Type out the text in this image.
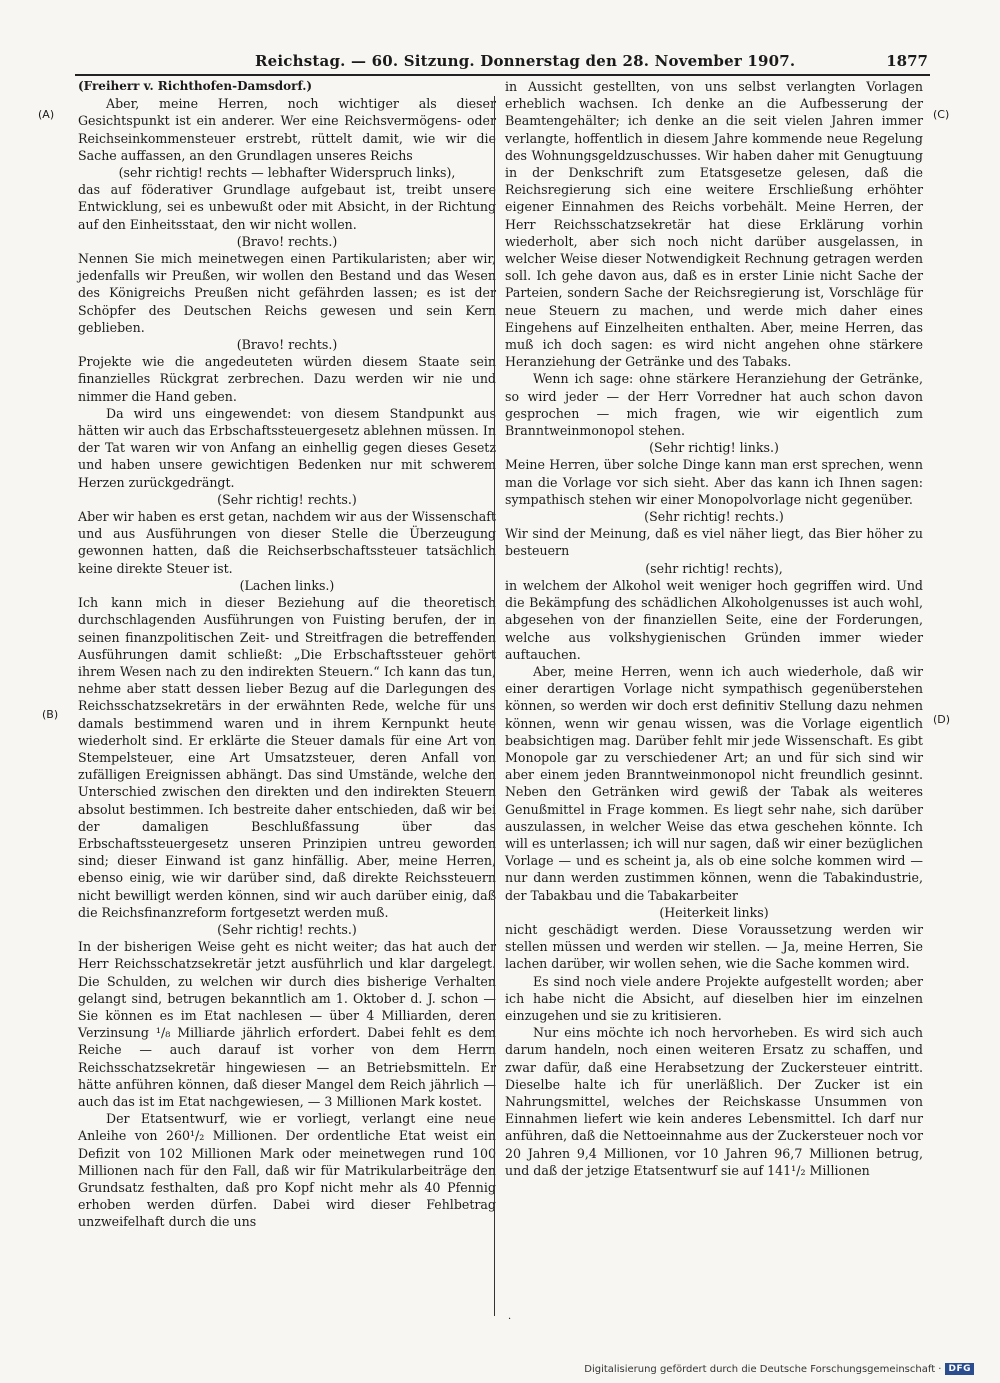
Reichstag. — 60. Sitzung. Donnerstag den 28. November 1907.	1877
(A)
(B)
(C)
(D)
(Freiherr v. Richthofen-Damsdorf.)

Aber, meine Herren, noch wichtiger als dieser Gesichtspunkt ist ein anderer. Wer eine Reichsvermögens- oder Reichseinkommensteuer erstrebt, rüttelt damit, wie wir die Sache auffassen, an den Grundlagen unseres Reichs

(sehr richtig! rechts — lebhafter Widerspruch links),

das auf föderativer Grundlage aufgebaut ist, treibt unsere Entwicklung, sei es unbewußt oder mit Absicht, in der Richtung auf den Einheitsstaat, den wir nicht wollen.

(Bravo! rechts.)

Nennen Sie mich meinetwegen einen Partikularisten; aber wir, jedenfalls wir Preußen, wir wollen den Bestand und das Wesen des Königreichs Preußen nicht gefährden lassen; es ist der Schöpfer des Deutschen Reichs gewesen und sein Kern geblieben.

(Bravo! rechts.)

Projekte wie die angedeuteten würden diesem Staate sein finanzielles Rückgrat zerbrechen. Dazu werden wir nie und nimmer die Hand geben.

Da wird uns eingewendet: von diesem Standpunkt aus hätten wir auch das Erbschaftssteuergesetz ablehnen müssen. In der Tat waren wir von Anfang an einhellig gegen dieses Gesetz und haben unsere gewichtigen Bedenken nur mit schwerem Herzen zurückgedrängt.

(Sehr richtig! rechts.)

Aber wir haben es erst getan, nachdem wir aus der Wissenschaft und aus Ausführungen von dieser Stelle die Überzeugung gewonnen hatten, daß die Reichserbschaftssteuer tatsächlich keine direkte Steuer ist.

(Lachen links.)

Ich kann mich in dieser Beziehung auf die theoretisch durchschlagenden Ausführungen von Fuisting berufen, der in seinen finanzpolitischen Zeit- und Streitfragen die betreffenden Ausführungen damit schließt: „Die Erbschaftssteuer gehört ihrem Wesen nach zu den indirekten Steuern.“ Ich kann das tun, nehme aber statt dessen lieber Bezug auf die Darlegungen des Reichsschatzsekretärs in der erwähnten Rede, welche für uns damals bestimmend waren und in ihrem Kernpunkt heute wiederholt sind. Er erklärte die Steuer damals für eine Art von Stempelsteuer, eine Art Umsatzsteuer, deren Anfall von zufälligen Ereignissen abhängt. Das sind Umstände, welche den Unterschied zwischen den direkten und den indirekten Steuern absolut bestimmen. Ich bestreite daher entschieden, daß wir bei der damaligen Beschlußfassung über das Erbschaftssteuergesetz unseren Prinzipien untreu geworden sind; dieser Einwand ist ganz hinfällig. Aber, meine Herren, ebenso einig, wie wir darüber sind, daß direkte Reichssteuern nicht bewilligt werden können, sind wir auch darüber einig, daß die Reichsfinanzreform fortgesetzt werden muß.

(Sehr richtig! rechts.)

In der bisherigen Weise geht es nicht weiter; das hat auch der Herr Reichsschatzsekretär jetzt ausführlich und klar dargelegt. Die Schulden, zu welchen wir durch dies bisherige Verhalten gelangt sind, betrugen bekanntlich am 1. Oktober d. J. schon — Sie können es im Etat nachlesen — über 4 Milliarden, deren Verzinsung ¹/₈ Milliarde jährlich erfordert. Dabei fehlt es dem Reiche — auch darauf ist vorher von dem Herrn Reichsschatzsekretär hingewiesen — an Betriebsmitteln. Er hätte anführen können, daß dieser Mangel dem Reich jährlich — auch das ist im Etat nachgewiesen, — 3 Millionen Mark kostet.

Der Etatsentwurf, wie er vorliegt, verlangt eine neue Anleihe von 260¹/₂ Millionen. Der ordentliche Etat weist ein Defizit von 102 Millionen Mark oder meinetwegen rund 100 Millionen nach für den Fall, daß wir für Matrikularbeiträge den Grundsatz festhalten, daß pro Kopf nicht mehr als 40 Pfennig erhoben werden dürfen. Dabei wird dieser Fehlbetrag unzweifelhaft durch die uns

in Aussicht gestellten, von uns selbst verlangten Vorlagen erheblich wachsen. Ich denke an die Aufbesserung der Beamtengehälter; ich denke an die seit vielen Jahren immer verlangte, hoffentlich in diesem Jahre kommende neue Regelung des Wohnungsgeldzuschusses. Wir haben daher mit Genugtuung in der Denkschrift zum Etatsgesetze gelesen, daß die Reichsregierung sich eine weitere Erschließung erhöhter eigener Einnahmen des Reichs vorbehält. Meine Herren, der Herr Reichsschatzsekretär hat diese Erklärung vorhin wiederholt, aber sich noch nicht darüber ausgelassen, in welcher Weise dieser Notwendigkeit Rechnung getragen werden soll. Ich gehe davon aus, daß es in erster Linie nicht Sache der Parteien, sondern Sache der Reichsregierung ist, Vorschläge für neue Steuern zu machen, und werde mich daher eines Eingehens auf Einzelheiten enthalten. Aber, meine Herren, das muß ich doch sagen: es wird nicht angehen ohne stärkere Heranziehung der Getränke und des Tabaks.

Wenn ich sage: ohne stärkere Heranziehung der Getränke, so wird jeder — der Herr Vorredner hat auch schon davon gesprochen — mich fragen, wie wir eigentlich zum Branntweinmonopol stehen.

(Sehr richtig! links.)

Meine Herren, über solche Dinge kann man erst sprechen, wenn man die Vorlage vor sich sieht. Aber das kann ich Ihnen sagen: sympathisch stehen wir einer Monopolvorlage nicht gegenüber.

(Sehr richtig! rechts.)

Wir sind der Meinung, daß es viel näher liegt, das Bier höher zu besteuern

(sehr richtig! rechts),

in welchem der Alkohol weit weniger hoch gegriffen wird. Und die Bekämpfung des schädlichen Alkoholgenusses ist auch wohl, abgesehen von der finanziellen Seite, eine der Forderungen, welche aus volkshygienischen Gründen immer wieder auftauchen.

Aber, meine Herren, wenn ich auch wiederhole, daß wir einer derartigen Vorlage nicht sympathisch gegenüberstehen können, so werden wir doch erst definitiv Stellung dazu nehmen können, wenn wir genau wissen, was die Vorlage eigentlich beabsichtigen mag. Darüber fehlt mir jede Wissenschaft. Es gibt Monopole gar zu verschiedener Art; an und für sich sind wir aber einem jeden Branntweinmonopol nicht freundlich gesinnt. Neben den Getränken wird gewiß der Tabak als weiteres Genußmittel in Frage kommen. Es liegt sehr nahe, sich darüber auszulassen, in welcher Weise das etwa geschehen könnte. Ich will es unterlassen; ich will nur sagen, daß wir einer bezüglichen Vorlage — und es scheint ja, als ob eine solche kommen wird — nur dann werden zustimmen können, wenn die Tabakindustrie, der Tabakbau und die Tabakarbeiter

(Heiterkeit links)

nicht geschädigt werden. Diese Voraussetzung werden wir stellen müssen und werden wir stellen. — Ja, meine Herren, Sie lachen darüber, wir wollen sehen, wie die Sache kommen wird.

Es sind noch viele andere Projekte aufgestellt worden; aber ich habe nicht die Absicht, auf dieselben hier im einzelnen einzugehen und sie zu kritisieren.

Nur eins möchte ich noch hervorheben. Es wird sich auch darum handeln, noch einen weiteren Ersatz zu schaffen, und zwar dafür, daß eine Herabsetzung der Zuckersteuer eintritt. Dieselbe halte ich für unerläßlich. Der Zucker ist ein Nahrungsmittel, welches der Reichskasse Unsummen von Einnahmen liefert wie kein anderes Lebensmittel. Ich darf nur anführen, daß die Nettoeinnahme aus der Zuckersteuer noch vor 20 Jahren 9,4 Millionen, vor 10 Jahren 96,7 Millionen betrug, und daß der jetzige Etatsentwurf sie auf 141¹/₂ Millionen

·
Digitalisierung gefördert durch die Deutsche Forschungsgemeinschaft · DFG
